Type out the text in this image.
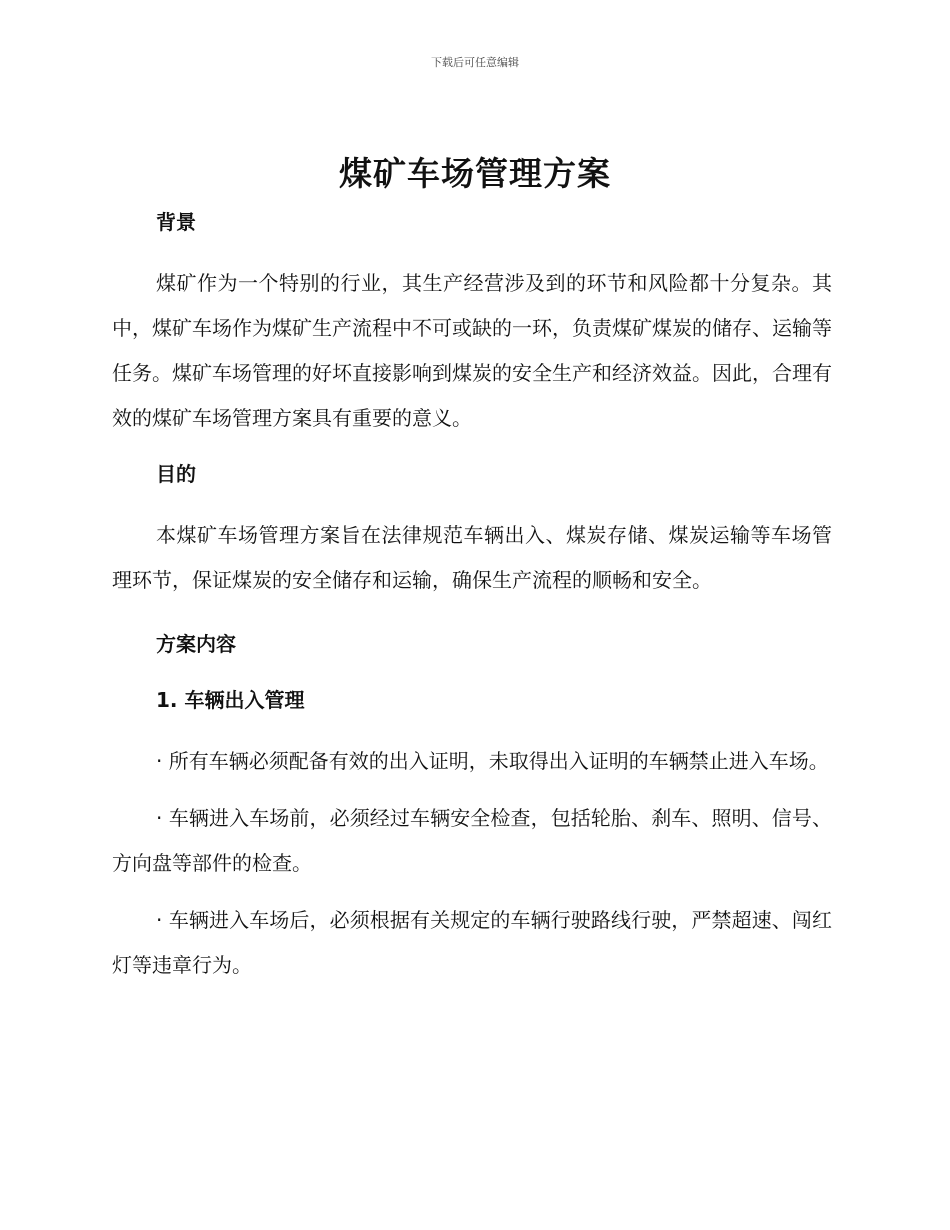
下载后可任意编辑
煤矿车场管理方案
背景

煤矿作为一个特别的行业，其生产经营涉及到的环节和风险都十分复杂。其中，煤矿车场作为煤矿生产流程中不可或缺的一环，负责煤矿煤炭的储存、运输等任务。煤矿车场管理的好坏直接影响到煤炭的安全生产和经济效益。因此，合理有效的煤矿车场管理方案具有重要的意义。

目的

本煤矿车场管理方案旨在法律规范车辆出入、煤炭存储、煤炭运输等车场管理环节，保证煤炭的安全储存和运输，确保生产流程的顺畅和安全。

方案内容
1. 车辆出入管理

· 所有车辆必须配备有效的出入证明，未取得出入证明的车辆禁止进入车场。

· 车辆进入车场前，必须经过车辆安全检查，包括轮胎、刹车、照明、信号、方向盘等部件的检查。

· 车辆进入车场后，必须根据有关规定的车辆行驶路线行驶，严禁超速、闯红灯等违章行为。
